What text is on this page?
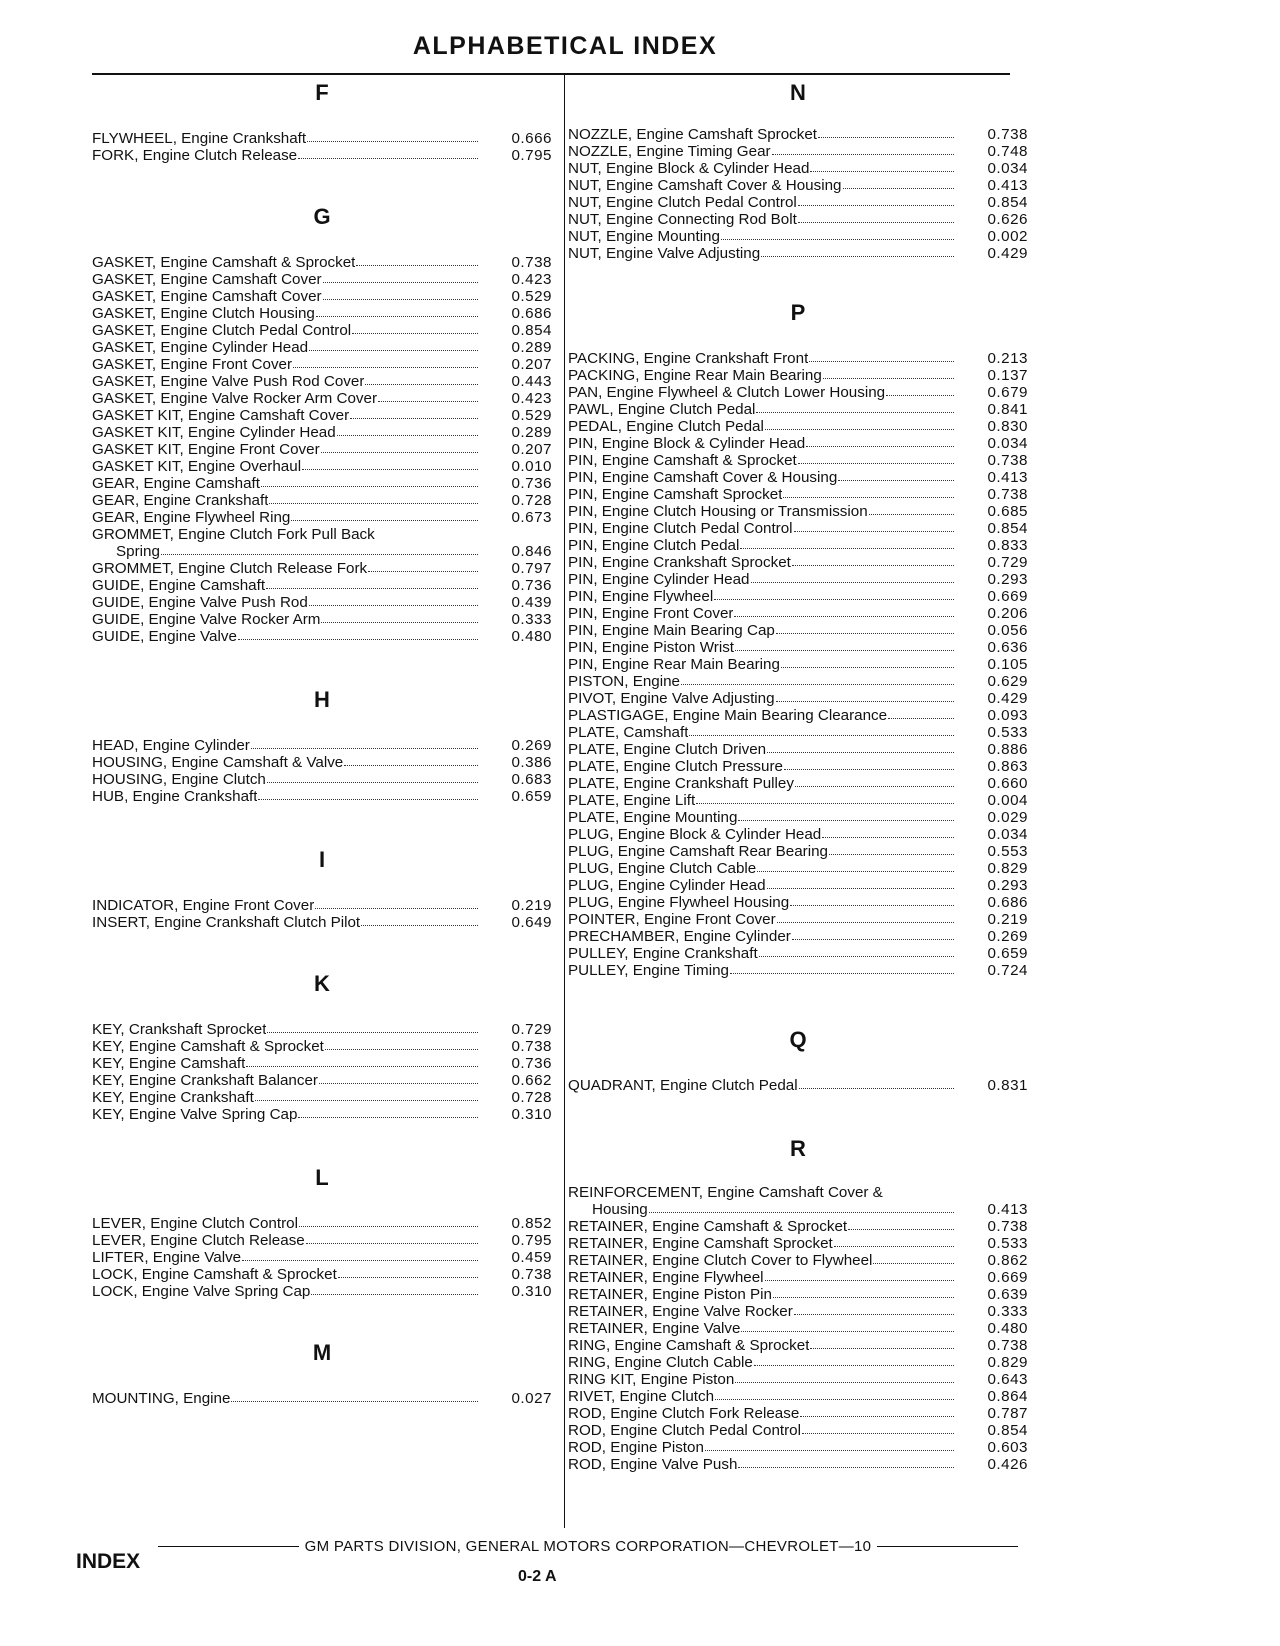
ALPHABETICAL INDEX
F
FLYWHEEL, Engine Crankshaft	0.666
FORK, Engine Clutch Release	0.795
G
GASKET, Engine Camshaft & Sprocket	0.738
GASKET, Engine Camshaft Cover	0.423
GASKET, Engine Camshaft Cover	0.529
GASKET, Engine Clutch Housing	0.686
GASKET, Engine Clutch Pedal Control	0.854
GASKET, Engine Cylinder Head	0.289
GASKET, Engine Front Cover	0.207
GASKET, Engine Valve Push Rod Cover	0.443
GASKET, Engine Valve Rocker Arm Cover	0.423
GASKET KIT, Engine Camshaft Cover	0.529
GASKET KIT, Engine Cylinder Head	0.289
GASKET KIT, Engine Front Cover	0.207
GASKET KIT, Engine Overhaul	0.010
GEAR, Engine Camshaft	0.736
GEAR, Engine Crankshaft	0.728
GEAR, Engine Flywheel Ring	0.673
GROMMET, Engine Clutch Fork Pull Back
Spring	0.846
GROMMET, Engine Clutch Release Fork	0.797
GUIDE, Engine Camshaft	0.736
GUIDE, Engine Valve Push Rod	0.439
GUIDE, Engine Valve Rocker Arm	0.333
GUIDE, Engine Valve	0.480
H
HEAD, Engine Cylinder	0.269
HOUSING, Engine Camshaft & Valve	0.386
HOUSING, Engine Clutch	0.683
HUB, Engine Crankshaft	0.659
I
INDICATOR, Engine Front Cover	0.219
INSERT, Engine Crankshaft Clutch Pilot	0.649
K
KEY, Crankshaft Sprocket	0.729
KEY, Engine Camshaft & Sprocket	0.738
KEY, Engine Camshaft	0.736
KEY, Engine Crankshaft Balancer	0.662
KEY, Engine Crankshaft	0.728
KEY, Engine Valve Spring Cap	0.310
L
LEVER, Engine Clutch Control	0.852
LEVER, Engine Clutch Release	0.795
LIFTER, Engine Valve	0.459
LOCK, Engine Camshaft & Sprocket	0.738
LOCK, Engine Valve Spring Cap	0.310
M
MOUNTING, Engine	0.027
N
NOZZLE, Engine Camshaft Sprocket	0.738
NOZZLE, Engine Timing Gear	0.748
NUT, Engine Block & Cylinder Head	0.034
NUT, Engine Camshaft Cover & Housing	0.413
NUT, Engine Clutch Pedal Control	0.854
NUT, Engine Connecting Rod Bolt	0.626
NUT, Engine Mounting	0.002
NUT, Engine Valve Adjusting	0.429
P
PACKING, Engine Crankshaft Front	0.213
PACKING, Engine Rear Main Bearing	0.137
PAN, Engine Flywheel & Clutch Lower Housing	0.679
PAWL, Engine Clutch Pedal	0.841
PEDAL, Engine Clutch Pedal	0.830
PIN, Engine Block & Cylinder Head	0.034
PIN, Engine Camshaft & Sprocket	0.738
PIN, Engine Camshaft Cover & Housing	0.413
PIN, Engine Camshaft Sprocket	0.738
PIN, Engine Clutch Housing or Transmission	0.685
PIN, Engine Clutch Pedal Control	0.854
PIN, Engine Clutch Pedal	0.833
PIN, Engine Crankshaft Sprocket	0.729
PIN, Engine Cylinder Head	0.293
PIN, Engine Flywheel	0.669
PIN, Engine Front Cover	0.206
PIN, Engine Main Bearing Cap	0.056
PIN, Engine Piston Wrist	0.636
PIN, Engine Rear Main Bearing	0.105
PISTON, Engine	0.629
PIVOT, Engine Valve Adjusting	0.429
PLASTIGAGE, Engine Main Bearing Clearance	0.093
PLATE, Camshaft	0.533
PLATE, Engine Clutch Driven	0.886
PLATE, Engine Clutch Pressure	0.863
PLATE, Engine Crankshaft Pulley	0.660
PLATE, Engine Lift	0.004
PLATE, Engine Mounting	0.029
PLUG, Engine Block & Cylinder Head	0.034
PLUG, Engine Camshaft Rear Bearing	0.553
PLUG, Engine Clutch Cable	0.829
PLUG, Engine Cylinder Head	0.293
PLUG, Engine Flywheel Housing	0.686
POINTER, Engine Front Cover	0.219
PRECHAMBER, Engine Cylinder	0.269
PULLEY, Engine Crankshaft	0.659
PULLEY, Engine Timing	0.724
Q
QUADRANT, Engine Clutch Pedal	0.831
R
REINFORCEMENT, Engine Camshaft Cover &
Housing	0.413
RETAINER, Engine Camshaft & Sprocket	0.738
RETAINER, Engine Camshaft Sprocket	0.533
RETAINER, Engine Clutch Cover to Flywheel	0.862
RETAINER, Engine Flywheel	0.669
RETAINER, Engine Piston Pin	0.639
RETAINER, Engine Valve Rocker	0.333
RETAINER, Engine Valve	0.480
RING, Engine Camshaft & Sprocket	0.738
RING, Engine Clutch Cable	0.829
RING KIT, Engine Piston	0.643
RIVET, Engine Clutch	0.864
ROD, Engine Clutch Fork Release	0.787
ROD, Engine Clutch Pedal Control	0.854
ROD, Engine Piston	0.603
ROD, Engine Valve Push	0.426
GM PARTS DIVISION, GENERAL MOTORS CORPORATION—CHEVROLET—10
INDEX
0-2 A
